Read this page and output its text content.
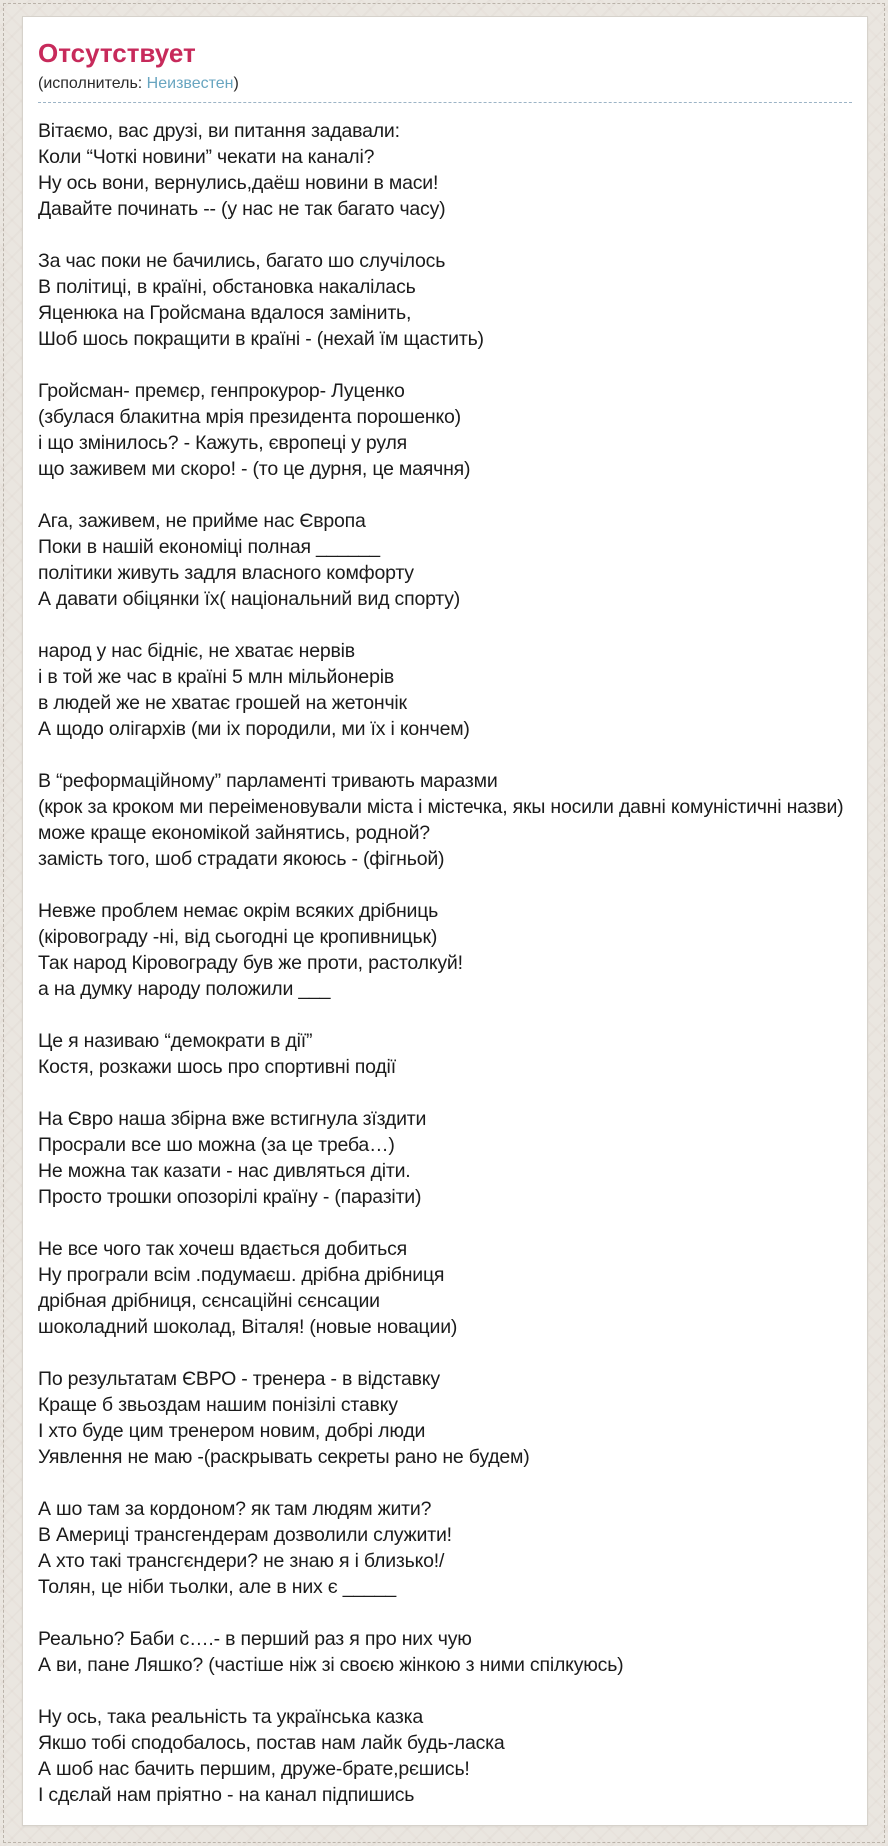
Отсутствует
(исполнитель: Неизвестен)
Вітаємо, вас друзі, ви питання задавали:
Коли “Чоткі новини” чекати на каналі?
Ну ось вони, вернулись,даёш новини в маси!
Давайте починать -- (у нас не так багато часу)
За час поки не бачились, багато шо случілось
В політиці, в країні, обстановка накалілась
Яценюка на Гройсмана вдалося замінить,
Шоб шось покращити в країні - (нехай їм щастить)
Гройсман- премєр, генпрокурор- Луценко
(збулася блакитна мрія президента порошенко)
і що змінилось? - Кажуть, європеці у руля
що заживем ми скоро! - (то це дурня, це маячня)
Ага, заживем, не прийме нас Європа
Поки в нашій економіці полная ______
політики живуть задля власного комфорту
А давати обіцянки їх( національний вид спорту)
народ у нас бідніє, не хватає нервів
і в той же час в країні 5 млн мільйонерів
в людей же не хватає грошей на жетончік
А щодо олігархів (ми іх породили, ми їх і кончем)
В “реформаційному” парламенті тривають маразми
(крок за кроком ми переіменовували міста і містечка, якы носили давні комуністичні назви)
може краще економікой зайнятись, родной?
замість того, шоб страдати якоюсь - (фігньой)
Невже проблем немає окрім всяких дрібниць
(кіровограду -ні, від сьогодні це кропивницьк)
Так народ Кіровограду був же проти, растолкуй!
а на думку народу положили ___
Це я називаю “демократи в дії”
Костя, розкажи шось про спортивні події
На Євро наша збірна вже встигнула зїздити
Просрали все шо можна (за це треба…)
Не можна так казати - нас дивляться діти.
Просто трошки опозорілі країну - (паразіти)
Не все чого так хочеш вдається добиться
Ну програли всім .подумаєш. дрібна дрібниця
дрібная дрібниця, сєнсаційні сєнсации
шоколадний шоколад, Віталя! (новые новации)
По результатам ЄВРО - тренера - в відставку
Краще б звьоздам нашим понізілі ставку
І хто буде цим тренером новим, добрі люди
Уявлення не маю -(раскрывать секреты рано не будем)
А шо там за кордоном? як там людям жити?
В Америці трансгендерам дозволили служити!
А хто такі трансгєндери? не знаю я і близько!/
Толян, це ніби тьолки, але в них є _____
Реально? Баби с….- в перший раз я про них чую
А ви, пане Ляшко? (частіше ніж зі своєю жінкою з ними спілкуюсь)
Ну ось, така реальність та українська казка
Якшо тобі сподобалось, постав нам лайк будь-ласка
А шоб нас бачить першим, друже-брате,рєшись!
І сдєлай нам пріятно - на канал підпишись
